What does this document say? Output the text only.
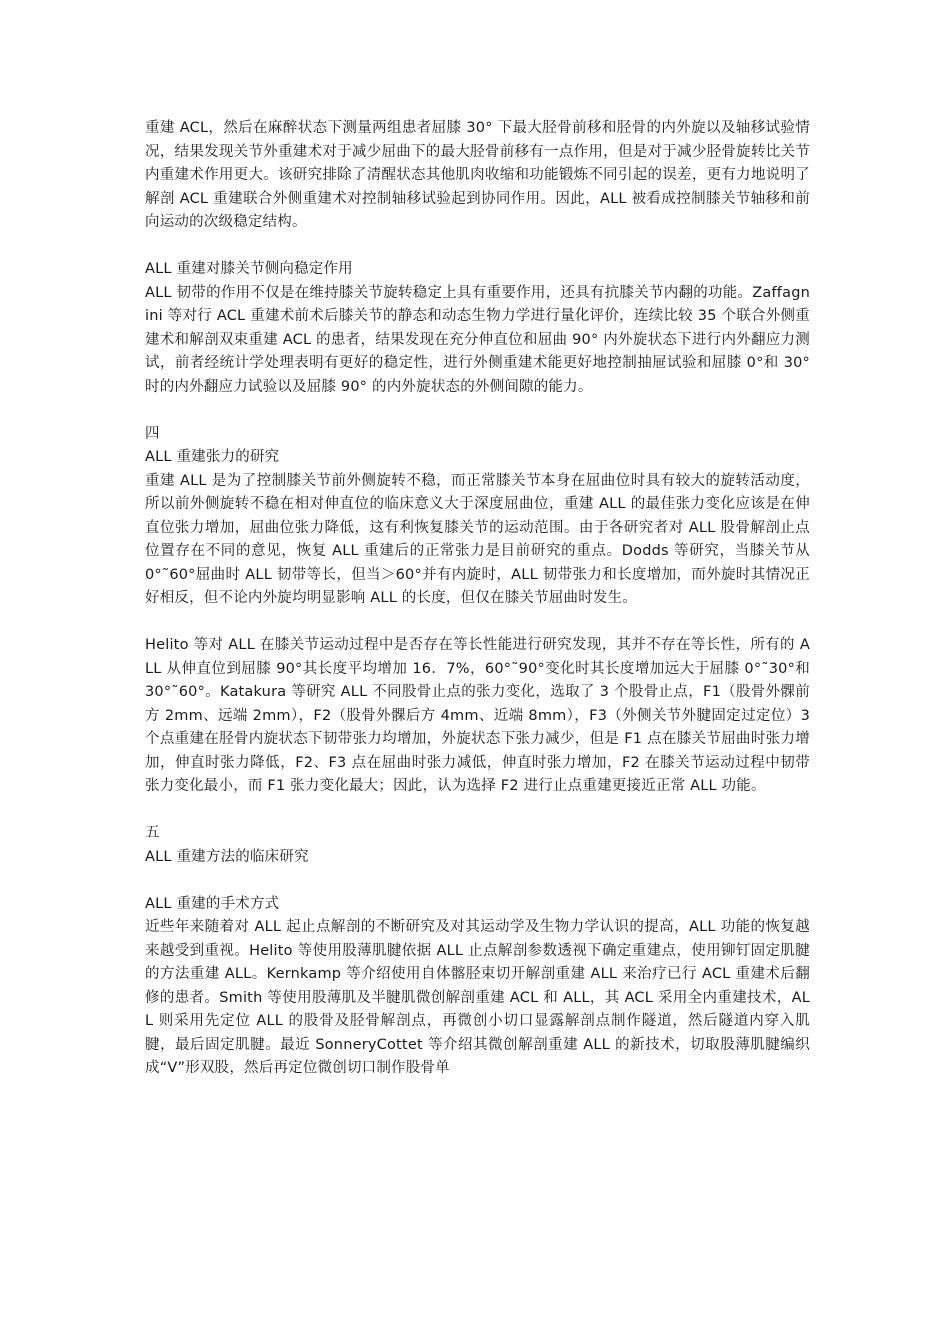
重建 ACL，然后在麻醉状态下测量两组患者屈膝 30° 下最大胫骨前移和胫骨的内外旋以及轴移试验情况，结果发现关节外重建术对于减少屈曲下的最大胫骨前移有一点作用，但是对于减少胫骨旋转比关节内重建术作用更大。该研究排除了清醒状态其他肌肉收缩和功能锻炼不同引起的误差，更有力地说明了解剖 ACL 重建联合外侧重建术对控制轴移试验起到协同作用。因此，ALL 被看成控制膝关节轴移和前向运动的次级稳定结构。

ALL 重建对膝关节侧向稳定作用

ALL 韧带的作用不仅是在维持膝关节旋转稳定上具有重要作用，还具有抗膝关节内翻的功能。Zaffagnini 等对行 ACL 重建术前术后膝关节的静态和动态生物力学进行量化评价，连续比较 35 个联合外侧重建术和解剖双束重建 ACL 的患者，结果发现在充分伸直位和屈曲 90° 内外旋状态下进行内外翻应力测试，前者经统计学处理表明有更好的稳定性，进行外侧重建术能更好地控制抽屉试验和屈膝 0°和 30° 时的内外翻应力试验以及屈膝 90° 的内外旋状态的外侧间隙的能力。

四

ALL 重建张力的研究

重建 ALL 是为了控制膝关节前外侧旋转不稳，而正常膝关节本身在屈曲位时具有较大的旋转活动度，所以前外侧旋转不稳在相对伸直位的临床意义大于深度屈曲位，重建 ALL 的最佳张力变化应该是在伸直位张力增加，屈曲位张力降低，这有利恢复膝关节的运动范围。由于各研究者对 ALL 股骨解剖止点位置存在不同的意见，恢复 ALL 重建后的正常张力是目前研究的重点。Dodds 等研究，当膝关节从 0°˜60°屈曲时 ALL 韧带等长，但当＞60°并有内旋时，ALL 韧带张力和长度增加，而外旋时其情况正好相反，但不论内外旋均明显影响 ALL 的长度，但仅在膝关节屈曲时发生。

Helito 等对 ALL 在膝关节运动过程中是否存在等长性能进行研究发现，其并不存在等长性，所有的 ALL 从伸直位到屈膝 90°其长度平均增加 16．7%，60°˜90°变化时其长度增加远大于屈膝 0°˜30°和 30°˜60°。Katakura 等研究 ALL 不同股骨止点的张力变化，选取了 3 个股骨止点，F1（股骨外髁前方 2mm、远端 2mm），F2（股骨外髁后方 4mm、近端 8mm），F3（外侧关节外腱固定过定位）3 个点重建在胫骨内旋状态下韧带张力均增加，外旋状态下张力减少，但是 F1 点在膝关节屈曲时张力增加，伸直时张力降低，F2、F3 点在屈曲时张力减低，伸直时张力增加，F2 在膝关节运动过程中韧带张力变化最小，而 F1 张力变化最大；因此，认为选择 F2 进行止点重建更接近正常 ALL 功能。

五

ALL 重建方法的临床研究

ALL 重建的手术方式

近些年来随着对 ALL 起止点解剖的不断研究及对其运动学及生物力学认识的提高，ALL 功能的恢复越来越受到重视。Helito 等使用股薄肌腱依据 ALL 止点解剖参数透视下确定重建点，使用铆钉固定肌腱的方法重建 ALL。Kernkamp 等介绍使用自体髂胫束切开解剖重建 ALL 来治疗已行 ACL 重建术后翻修的患者。Smith 等使用股薄肌及半腱肌微创解剖重建 ACL 和 ALL，其 ACL 采用全内重建技术，ALL 则采用先定位 ALL 的股骨及胫骨解剖点，再微创小切口显露解剖点制作隧道，然后隧道内穿入肌腱，最后固定肌腱。最近 SonneryCottet 等介绍其微创解剖重建 ALL 的新技术，切取股薄肌腱编织成“V”形双股，然后再定位微创切口制作股骨单
